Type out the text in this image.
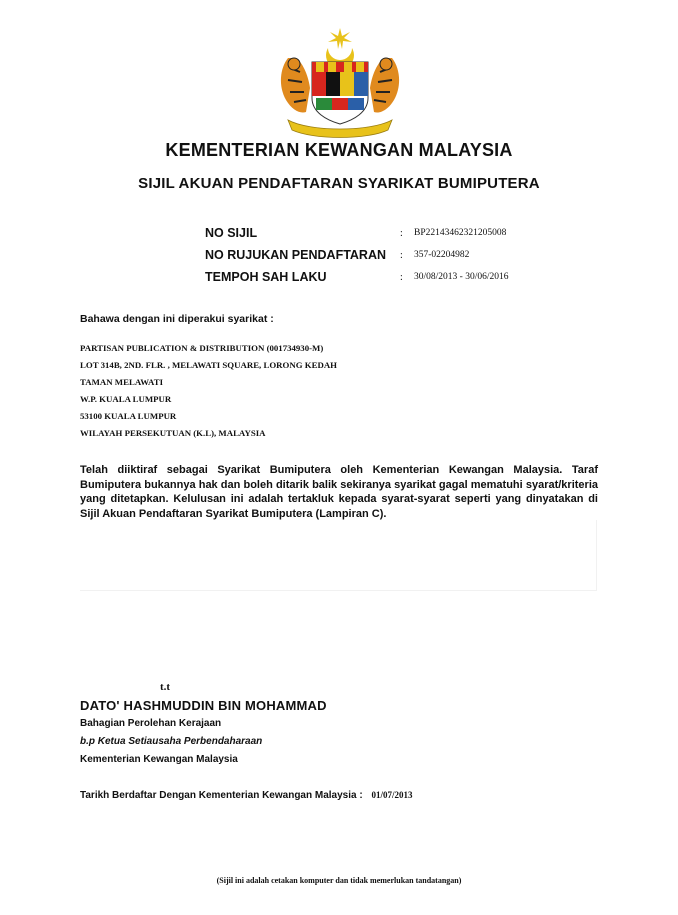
KEMENTERIAN KEWANGAN MALAYSIA
SIJIL AKUAN PENDAFTARAN SYARIKAT BUMIPUTERA
NO SIJIL	:	BP2214346232120500​8
NO RUJUKAN PENDAFTARAN	:	357-02204982
TEMPOH SAH LAKU	:	30/08/2013 - 30/06/2016
Bahawa dengan ini diperakui syarikat :
PARTISAN PUBLICATION & DISTRIBUTION (001734930-M)
LOT 314B, 2ND. FLR. , MELAWATI SQUARE, LORONG KEDAH
TAMAN MELAWATI
W.P. KUALA LUMPUR
53100 KUALA LUMPUR
WILAYAH PERSEKUTUAN (K.L), MALAYSIA
Telah diiktiraf sebagai Syarikat Bumiputera oleh Kementerian Kewangan Malaysia. Taraf Bumiputera bukannya hak dan boleh ditarik balik sekiranya syarikat gagal mematuhi syarat/kriteria yang ditetapkan. Kelulusan ini adalah tertakluk kepada syarat-syarat seperti yang dinyatakan di Sijil Akuan Pendaftaran Syarikat Bumiputera (Lampiran C).
t.t
DATO' HASHMUDDIN BIN MOHAMMAD
Bahagian Perolehan Kerajaan
b.p Ketua Setiausaha Perbendaharaan
Kementerian Kewangan Malaysia
Tarikh Berdaftar Dengan Kementerian Kewangan Malaysia : 01/07/2013
(Sijil ini adalah cetakan komputer dan tidak memerlukan tandatangan)
